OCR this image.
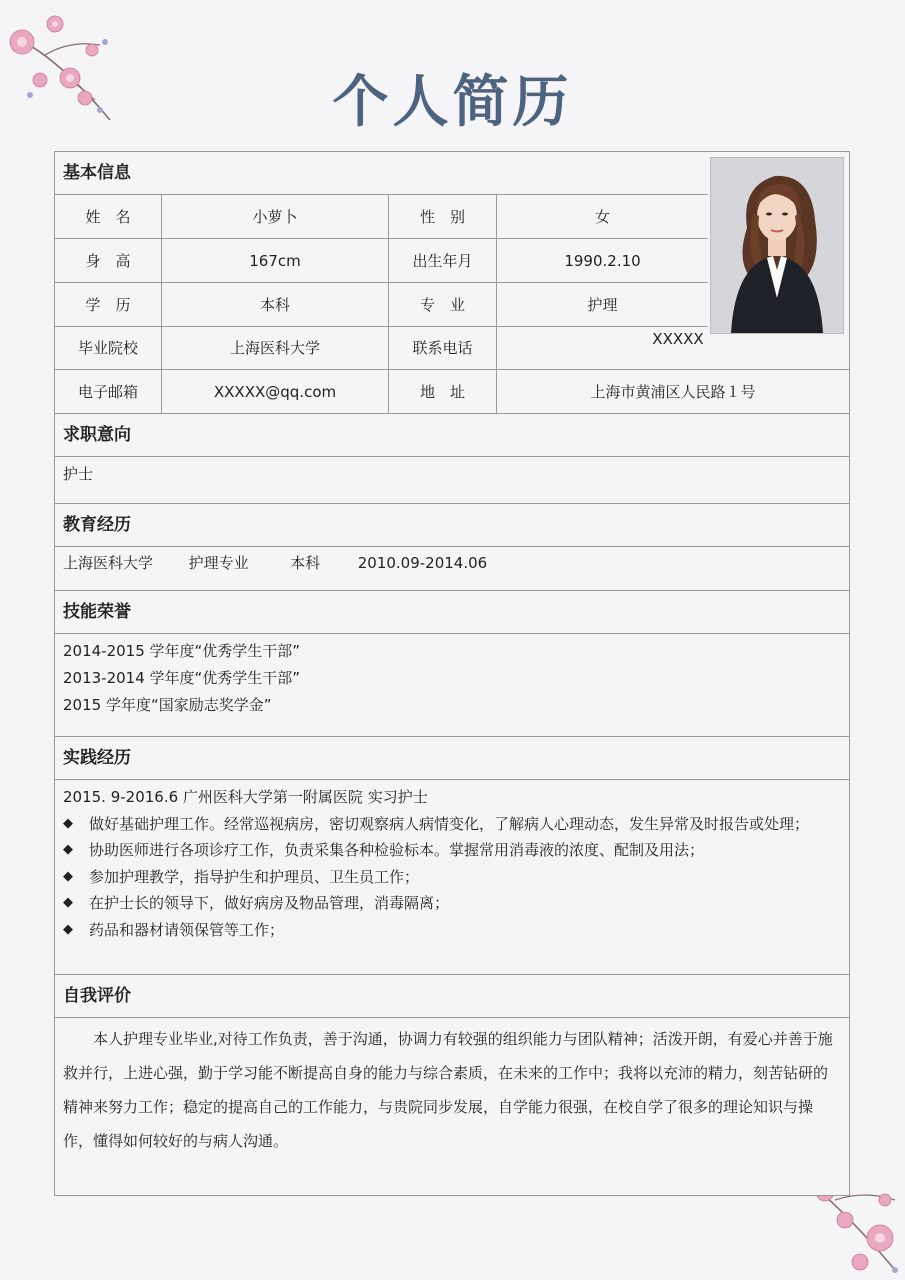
个人简历
基本信息
姓　名	小萝卜	性　别	女
身　高	167cm	出生年月	1990.2.10
学　历	本科	专　业	护理
毕业院校	上海医科大学	联系电话	XXXXX
电子邮箱	XXXXX@qq.com	地　址	上海市黄浦区人民路１号
求职意向
护士
教育经历
上海医科大学 护理专业	本科	2010.09-2014.06
技能荣誉
2014-2015 学年度“优秀学生干部”
2013-2014 学年度“优秀学生干部”
2015 学年度“国家励志奖学金”
实践经历
2015. 9-2016.6 广州医科大学第一附属医院 实习护士
◆	做好基础护理工作。经常巡视病房，密切观察病人病情变化，了解病人心理动态，发生异常及时报告或处理；
◆	协助医师进行各项诊疗工作，负责采集各种检验标本。掌握常用消毒液的浓度、配制及用法；
◆	参加护理教学，指导护生和护理员、卫生员工作；
◆	在护士长的领导下，做好病房及物品管理，消毒隔离；
◆	药品和器材请领保管等工作；
自我评价
本人护理专业毕业,对待工作负责，善于沟通，协调力有较强的组织能力与团队精神；活泼开朗，有爱心并善于施救并行，上进心强，勤于学习能不断提高自身的能力与综合素质，在未来的工作中；我将以充沛的精力，刻苦钻研的精神来努力工作；稳定的提高自己的工作能力，与贵院同步发展，自学能力很强，在校自学了很多的理论知识与操作，懂得如何较好的与病人沟通。
